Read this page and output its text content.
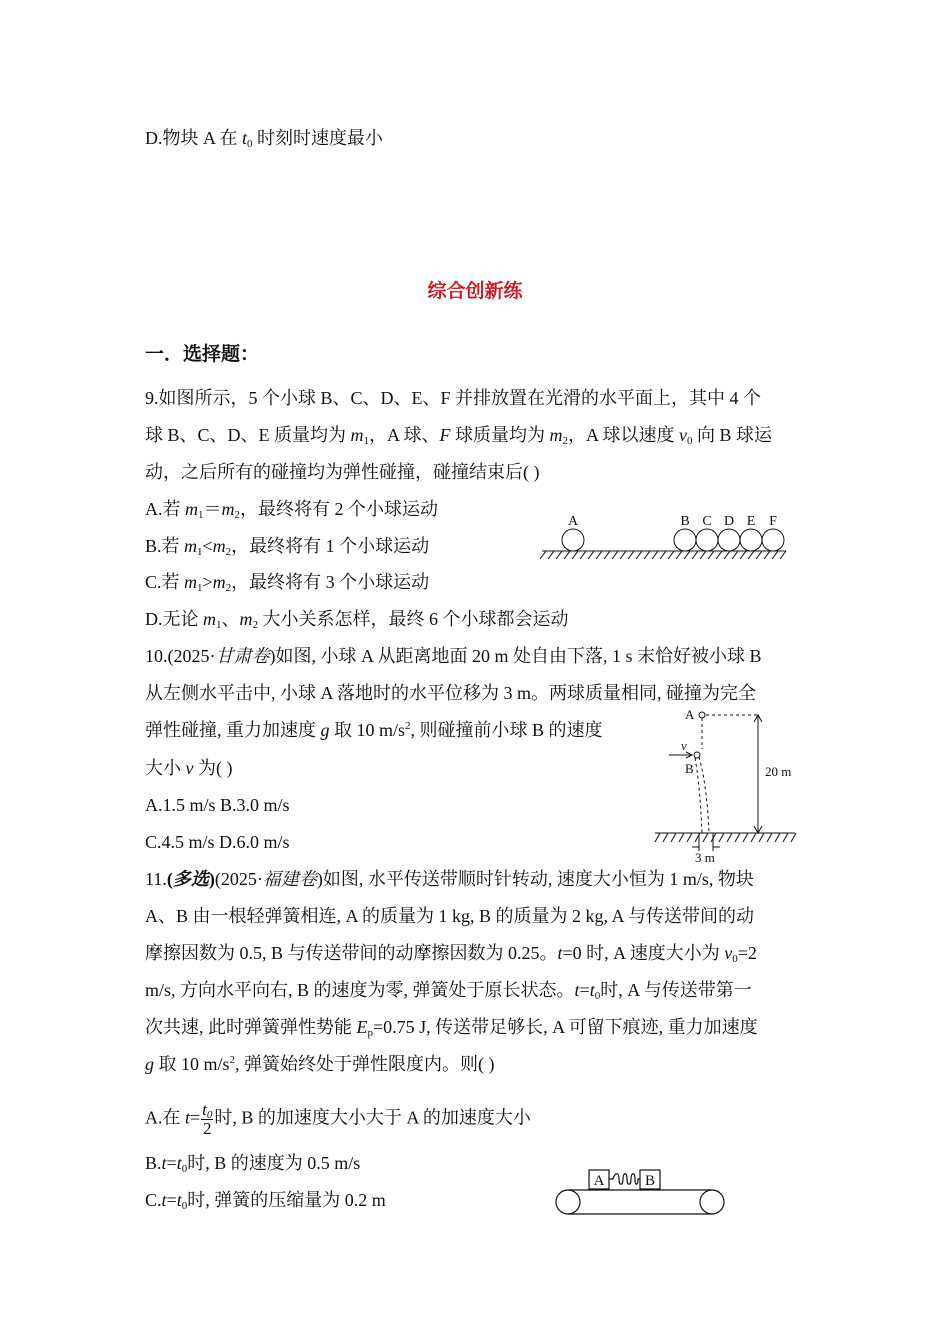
D.物块 A 在 $t_0$ 时刻时速度最小
综合创新练
一．选择题：
9.如图所示，5 个小球 B、C、D、E、F 并排放置在光滑的水平面上，其中 4 个
球 B、C、D、E 质量均为 $m_1$，A 球、F 球质量均为 $m_2$，A 球以速度 $v_0$ 向 B 球运
动，之后所有的碰撞均为弹性碰撞，碰撞结束后( )
A.若 $m_1=m_2$，最终将有 2 个小球运动
B.若 $m_1<m_2$，最终将有 1 个小球运动
C.若 $m_1>m_2$，最终将有 3 个小球运动
D.无论 $m_1$、$m_2$ 大小关系怎样，最终 6 个小球都会运动
A	B C D E F
10.(2025·甘肃卷)如图, 小球 A 从距离地面 20 m 处自由下落, 1 s 末恰好被小球 B
从左侧水平击中, 小球 A 落地时的水平位移为 3 m。两球质量相同, 碰撞为完全
弹性碰撞, 重力加速度 g 取 10 $m/s^2$, 则碰撞前小球 B 的速度
大小 v 为( )
A.1.5 m/s B.3.0 m/s
C.4.5 m/s D.6.0 m/s
A
v
B	20 m
3 m
11.(多选)(2025·福建卷)如图, 水平传送带顺时针转动, 速度大小恒为 1 m/s, 物块
A、B 由一根轻弹簧相连, A 的质量为 1 kg, B 的质量为 2 kg, A 与传送带间的动
摩擦因数为 0.5, B 与传送带间的动摩擦因数为 0.25。t=0 时, A 速度大小为 $v_0=2$
m/s, 方向水平向右, B 的速度为零, 弹簧处于原长状态。$t=t_0$时, A 与传送带第一
次共速, 此时弹簧弹性势能 $E_p=0.75$ J, 传送带足够长, A 可留下痕迹, 重力加速度
g 取 10 $m/s^2$, 弹簧始终处于弹性限度内。则( )
A.在 $t= \frac{t_0}{2}$ 时, B 的加速度大小大于 A 的加速度大小
$B.t=t_0$时, B 的速度为 0.5 m/s
$C.t=t_0$时, 弹簧的压缩量为 0.2 m
A	B
